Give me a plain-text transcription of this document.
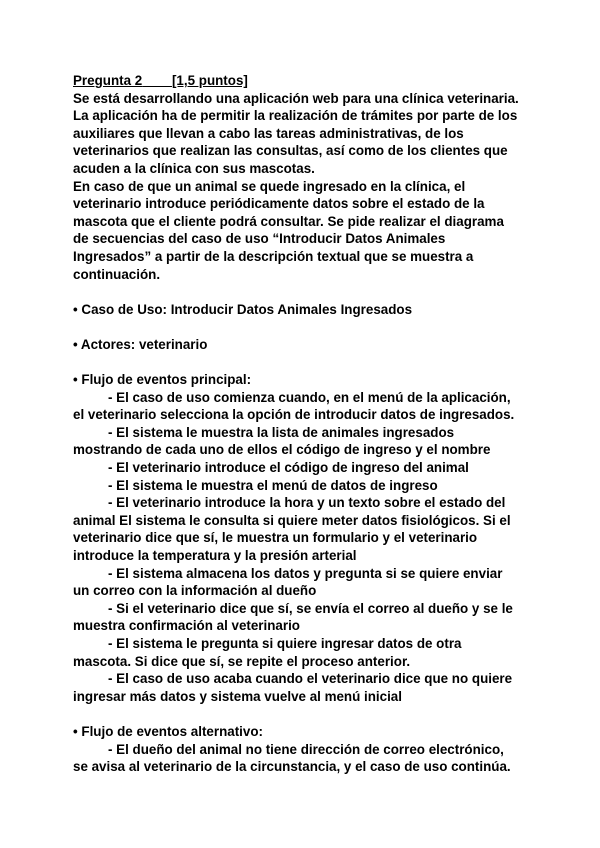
Pregunta 2 [1,5 puntos]

Se está desarrollando una aplicación web para una clínica veterinaria. La aplicación ha de permitir la realización de trámites por parte de los auxiliares que llevan a cabo las tareas administrativas, de los veterinarios que realizan las consultas, así como de los clientes que acuden a la clínica con sus mascotas.

En caso de que un animal se quede ingresado en la clínica, el veterinario introduce periódicamente datos sobre el estado de la mascota que el cliente podrá consultar. Se pide realizar el diagrama de secuencias del caso de uso “Introducir Datos Animales Ingresados” a partir de la descripción textual que se muestra a continuación.

• Caso de Uso: Introducir Datos Animales Ingresados

• Actores: veterinario

• Flujo de eventos principal:

- El caso de uso comienza cuando, en el menú de la aplicación, el veterinario selecciona la opción de introducir datos de ingresados.

- El sistema le muestra la lista de animales ingresados mostrando de cada uno de ellos el código de ingreso y el nombre

- El veterinario introduce el código de ingreso del animal

- El sistema le muestra el menú de datos de ingreso

- El veterinario introduce la hora y un texto sobre el estado del animal El sistema le consulta si quiere meter datos fisiológicos. Si el veterinario dice que sí, le muestra un formulario y el veterinario introduce la temperatura y la presión arterial

- El sistema almacena los datos y pregunta si se quiere enviar un correo con la información al dueño

- Si el veterinario dice que sí, se envía el correo al dueño y se le muestra confirmación al veterinario

- El sistema le pregunta si quiere ingresar datos de otra mascota. Si dice que sí, se repite el proceso anterior.

- El caso de uso acaba cuando el veterinario dice que no quiere ingresar más datos y sistema vuelve al menú inicial

• Flujo de eventos alternativo:

- El dueño del animal no tiene dirección de correo electrónico, se avisa al veterinario de la circunstancia, y el caso de uso continúa.
